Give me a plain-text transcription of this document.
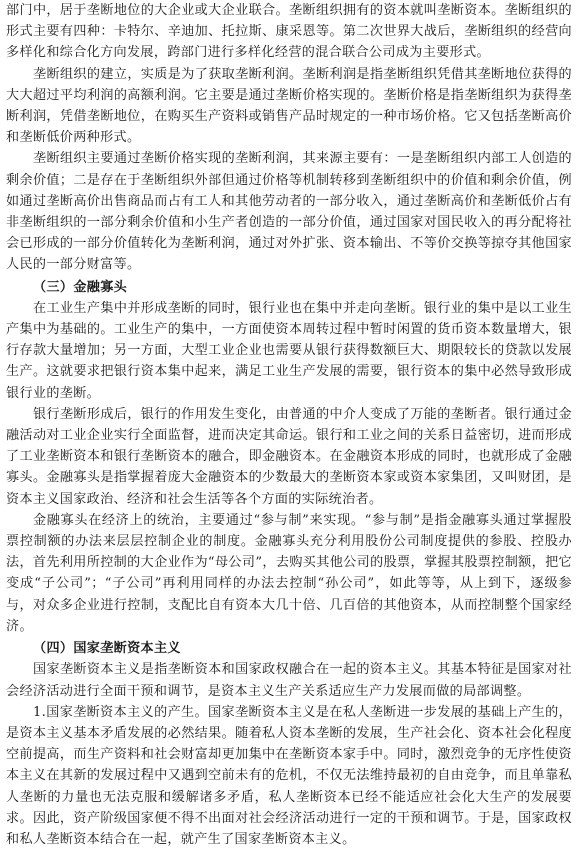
部门中，居于垄断地位的大企业或大企业联合。垄断组织拥有的资本就叫垄断资本。垄断组织的形式主要有四种：卡特尔、辛迪加、托拉斯、康采恩等。第二次世界大战后，垄断组织的经营向多样化和综合化方向发展，跨部门进行多样化经营的混合联合公司成为主要形式。

垄断组织的建立，实质是为了获取垄断利润。垄断利润是指垄断组织凭借其垄断地位获得的大大超过平均利润的高额利润。它主要是通过垄断价格实现的。垄断价格是指垄断组织为获得垄断利润，凭借垄断地位，在购买生产资料或销售产品时规定的一种市场价格。它又包括垄断高价和垄断低价两种形式。

垄断组织主要通过垄断价格实现的垄断利润，其来源主要有：一是垄断组织内部工人创造的剩余价值；二是存在于垄断组织外部但通过价格等机制转移到垄断组织中的价值和剩余价值，例如通过垄断高价出售商品而占有工人和其他劳动者的一部分收入，通过垄断高价和垄断低价占有非垄断组织的一部分剩余价值和小生产者创造的一部分价值，通过国家对国民收入的再分配将社会已形成的一部分价值转化为垄断利润，通过对外扩张、资本输出、不等价交换等掠夺其他国家人民的一部分财富等。

（三）金融寡头

在工业生产集中并形成垄断的同时，银行业也在集中并走向垄断。银行业的集中是以工业生产集中为基础的。工业生产的集中，一方面使资本周转过程中暂时闲置的货币资本数量增大，银行存款大量增加；另一方面，大型工业企业也需要从银行获得数额巨大、期限较长的贷款以发展生产。这就要求把银行资本集中起来，满足工业生产发展的需要，银行资本的集中必然导致形成银行业的垄断。

银行垄断形成后，银行的作用发生变化，由普通的中介人变成了万能的垄断者。银行通过金融活动对工业企业实行全面监督，进而决定其命运。银行和工业之间的关系日益密切，进而形成了工业垄断资本和银行垄断资本的融合，即金融资本。在金融资本形成的同时，也就形成了金融寡头。金融寡头是指掌握着庞大金融资本的少数最大的垄断资本家或资本家集团，又叫财团，是资本主义国家政治、经济和社会生活等各个方面的实际统治者。

金融寡头在经济上的统治，主要通过“参与制”来实现。“参与制”是指金融寡头通过掌握股票控制额的办法来层层控制企业的制度。金融寡头充分利用股份公司制度提供的参股、控股办法，首先利用所控制的大企业作为“母公司”，去购买其他公司的股票，掌握其股票控制额，把它变成“子公司”；“子公司”再利用同样的办法去控制“孙公司”，如此等等，从上到下，逐级参与，对众多企业进行控制，支配比自有资本大几十倍、几百倍的其他资本，从而控制整个国家经济。

（四）国家垄断资本主义

国家垄断资本主义是指垄断资本和国家政权融合在一起的资本主义。其基本特征是国家对社会经济活动进行全面干预和调节，是资本主义生产关系适应生产力发展而做的局部调整。

1.国家垄断资本主义的产生。国家垄断资本主义是在私人垄断进一步发展的基础上产生的，是资本主义基本矛盾发展的必然结果。随着私人资本垄断的发展，生产社会化、资本社会化程度空前提高，而生产资料和社会财富却更加集中在垄断资本家手中。同时，激烈竞争的无序性使资本主义在其新的发展过程中又遇到空前未有的危机，不仅无法维持最初的自由竞争，而且单靠私人垄断的力量也无法克服和缓解诸多矛盾，私人垄断资本已经不能适应社会化大生产的发展要求。因此，资产阶级国家便不得不出面对社会经济活动进行一定的干预和调节。于是，国家政权和私人垄断资本结合在一起，就产生了国家垄断资本主义。
